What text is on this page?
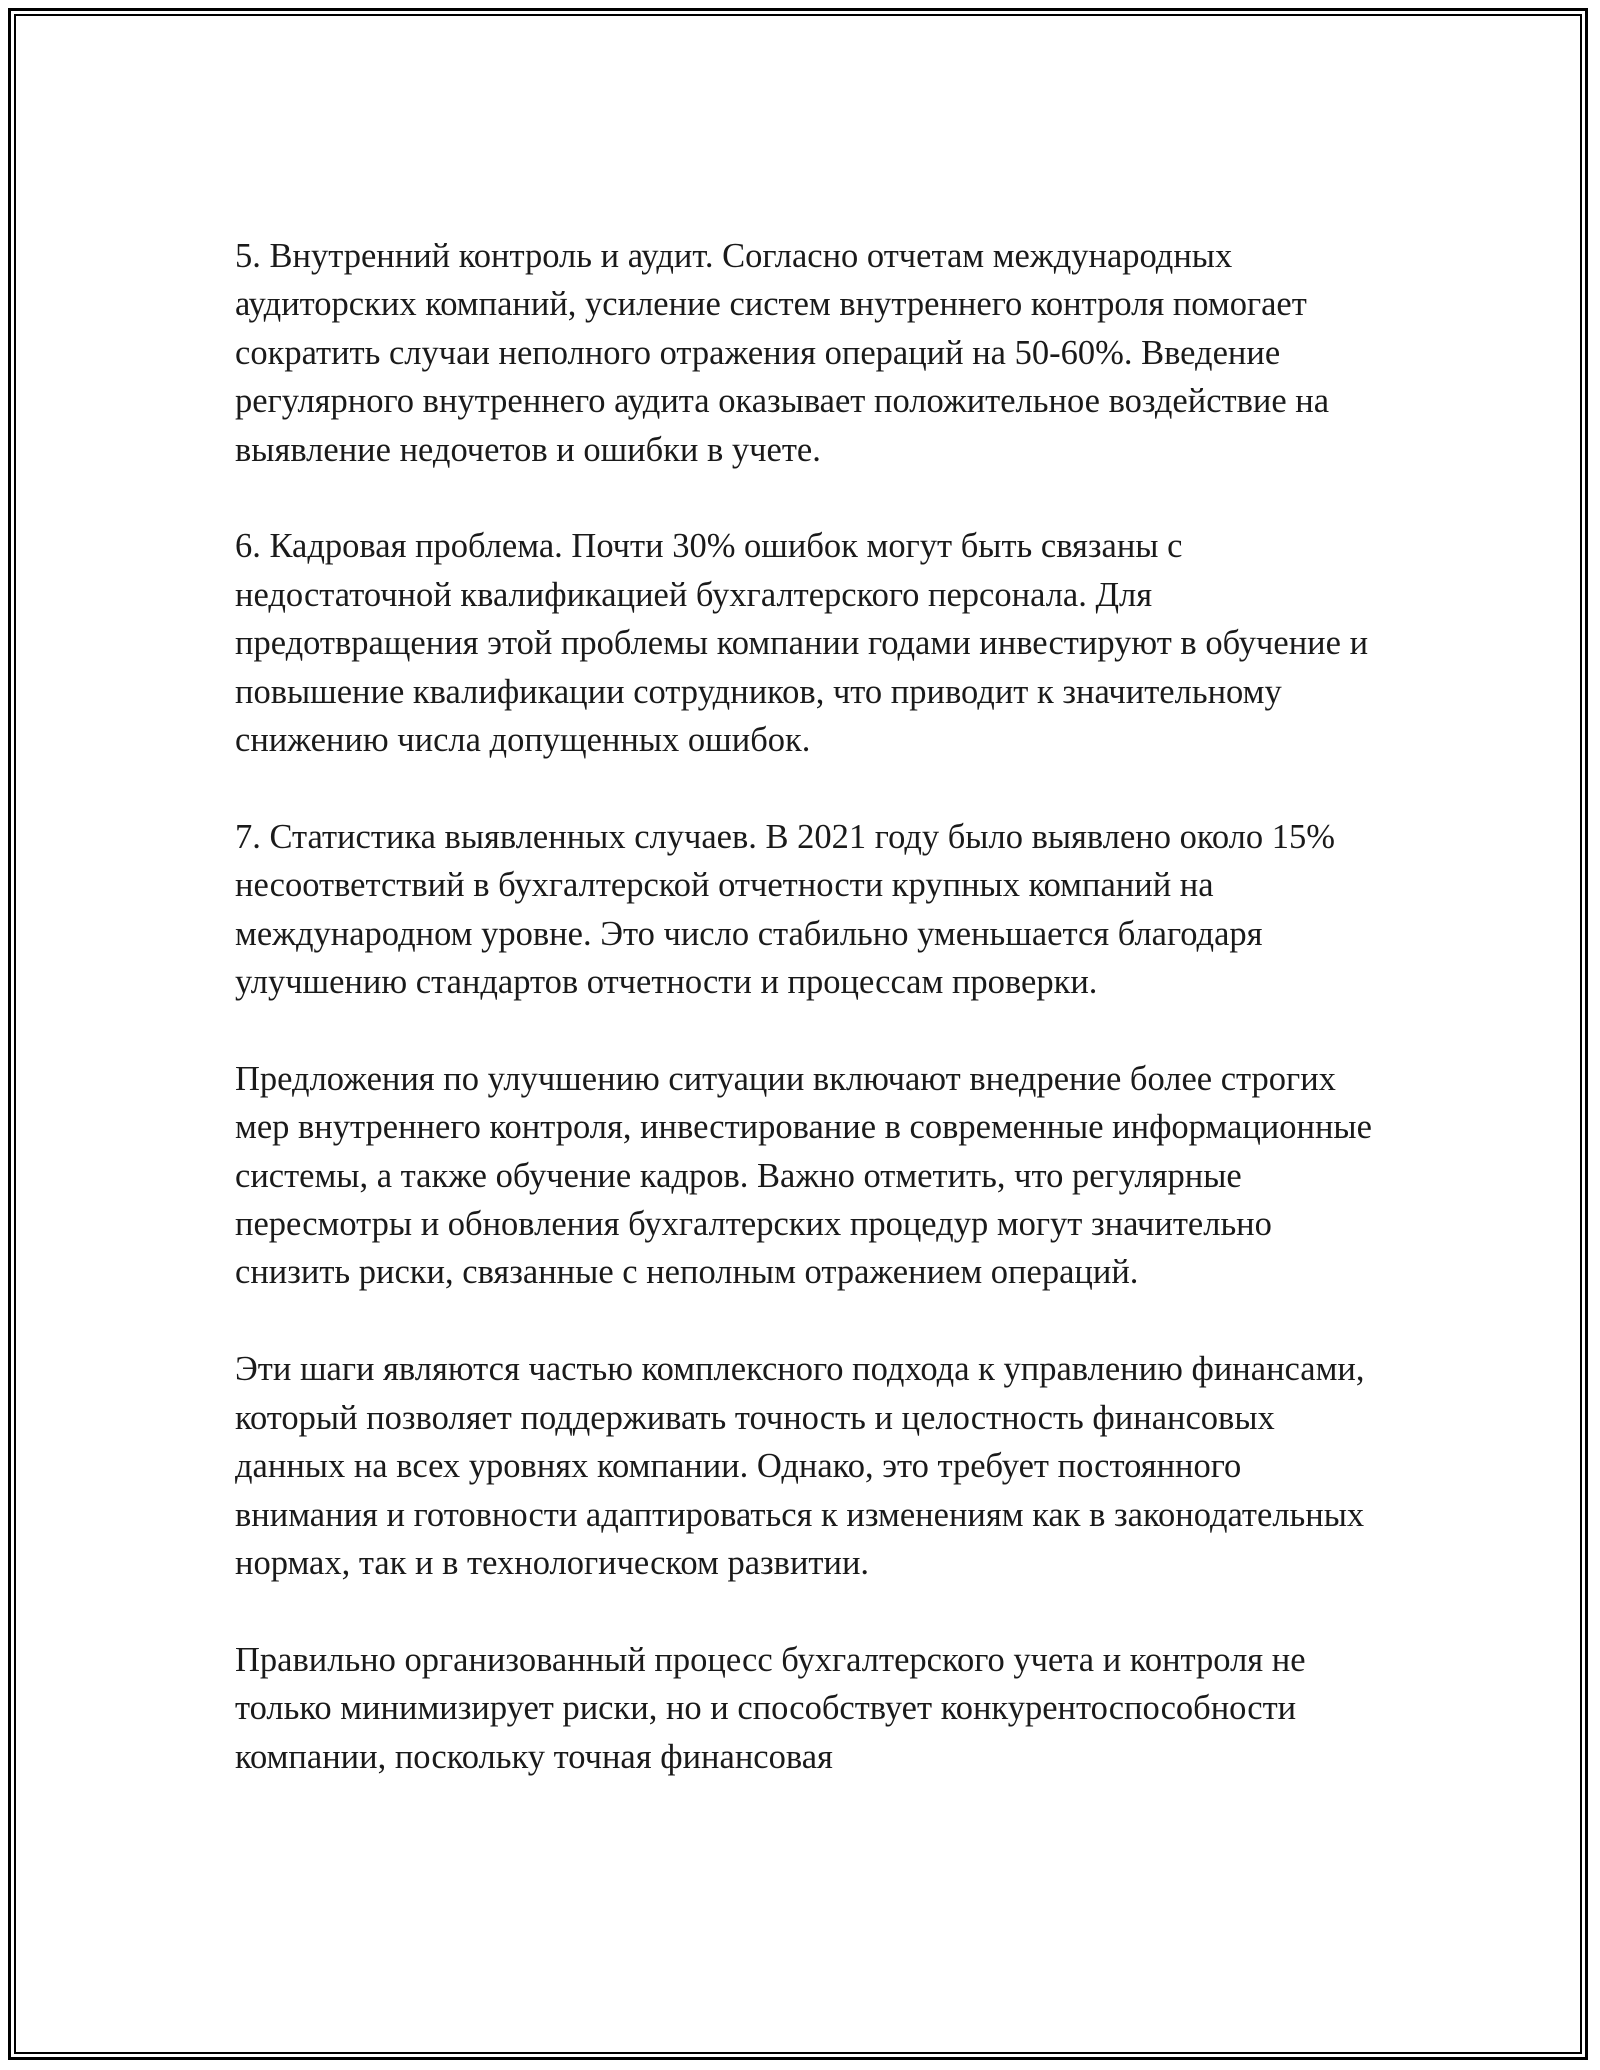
5. Внутренний контроль и аудит. Согласно отчетам международных аудиторских компаний, усиление систем внутреннего контроля помогает сократить случаи неполного отражения операций на 50-60%. Введение регулярного внутреннего аудита оказывает положительное воздействие на выявление недочетов и ошибки в учете.

6. Кадровая проблема. Почти 30% ошибок могут быть связаны с недостаточной квалификацией бухгалтерского персонала. Для предотвращения этой проблемы компании годами инвестируют в обучение и повышение квалификации сотрудников, что приводит к значительному снижению числа допущенных ошибок.

7. Статистика выявленных случаев. В 2021 году было выявлено около 15% несоответствий в бухгалтерской отчетности крупных компаний на международном уровне. Это число стабильно уменьшается благодаря улучшению стандартов отчетности и процессам проверки.

Предложения по улучшению ситуации включают внедрение более строгих мер внутреннего контроля, инвестирование в современные информационные системы, а также обучение кадров. Важно отметить, что регулярные пересмотры и обновления бухгалтерских процедур могут значительно снизить риски, связанные с неполным отражением операций.

Эти шаги являются частью комплексного подхода к управлению финансами, который позволяет поддерживать точность и целостность финансовых данных на всех уровнях компании. Однако, это требует постоянного внимания и готовности адаптироваться к изменениям как в законодательных нормах, так и в технологическом развитии.

Правильно организованный процесс бухгалтерского учета и контроля не только минимизирует риски, но и способствует конкурентоспособности компании, поскольку точная финансовая
